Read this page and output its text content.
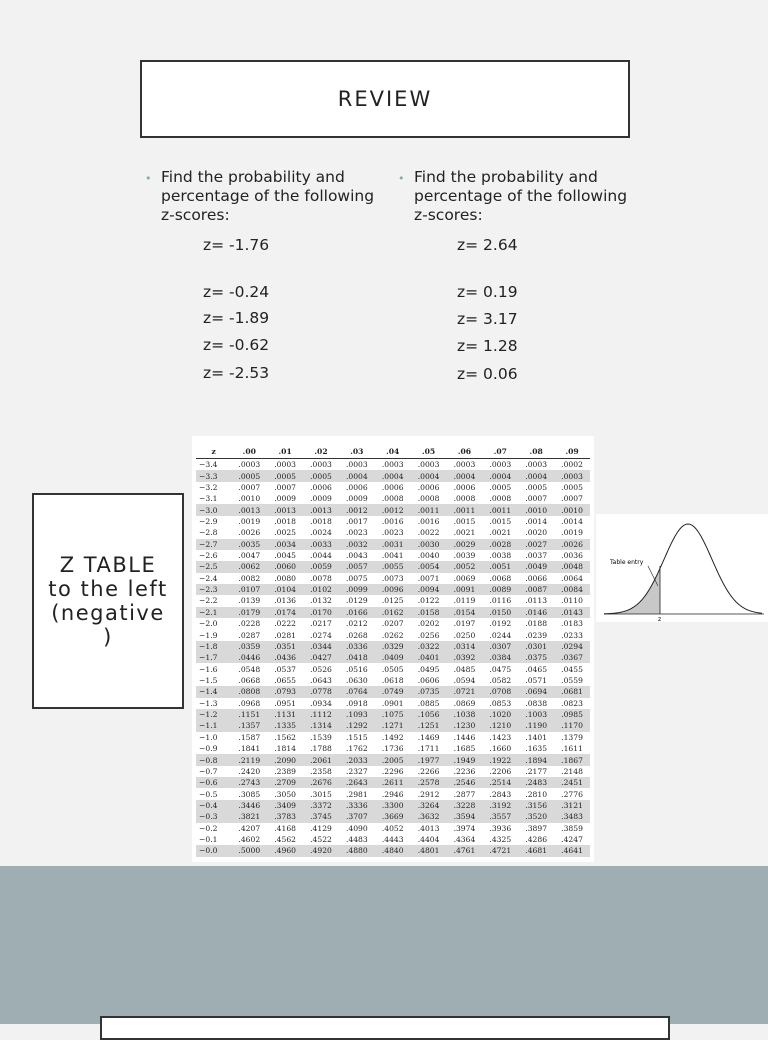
REVIEW
• Find the probability and percentage of the following z-scores:
• Find the probability and percentage of the following z-scores:
z= -1.76
z= -0.24
z= -1.89
z= -0.62
z= -2.53
z= 2.64
z= 0.19
z= 3.17
z= 1.28
z= 0.06
Z TABLE
to the left
(negative
)
z	.00	.01	.02	.03	.04	.05	.06	.07	.08	.09
−3.4	.0003	.0003	.0003	.0003	.0003	.0003	.0003	.0003	.0003	.0002
−3.3	.0005	.0005	.0005	.0004	.0004	.0004	.0004	.0004	.0004	.0003
−3.2	.0007	.0007	.0006	.0006	.0006	.0006	.0006	.0005	.0005	.0005
−3.1	.0010	.0009	.0009	.0009	.0008	.0008	.0008	.0008	.0007	.0007
−3.0	.0013	.0013	.0013	.0012	.0012	.0011	.0011	.0011	.0010	.0010
−2.9	.0019	.0018	.0018	.0017	.0016	.0016	.0015	.0015	.0014	.0014
−2.8	.0026	.0025	.0024	.0023	.0023	.0022	.0021	.0021	.0020	.0019
−2.7	.0035	.0034	.0033	.0032	.0031	.0030	.0029	.0028	.0027	.0026
−2.6	.0047	.0045	.0044	.0043	.0041	.0040	.0039	.0038	.0037	.0036
−2.5	.0062	.0060	.0059	.0057	.0055	.0054	.0052	.0051	.0049	.0048
−2.4	.0082	.0080	.0078	.0075	.0073	.0071	.0069	.0068	.0066	.0064
−2.3	.0107	.0104	.0102	.0099	.0096	.0094	.0091	.0089	.0087	.0084
−2.2	.0139	.0136	.0132	.0129	.0125	.0122	.0119	.0116	.0113	.0110
−2.1	.0179	.0174	.0170	.0166	.0162	.0158	.0154	.0150	.0146	.0143
−2.0	.0228	.0222	.0217	.0212	.0207	.0202	.0197	.0192	.0188	.0183
−1.9	.0287	.0281	.0274	.0268	.0262	.0256	.0250	.0244	.0239	.0233
−1.8	.0359	.0351	.0344	.0336	.0329	.0322	.0314	.0307	.0301	.0294
−1.7	.0446	.0436	.0427	.0418	.0409	.0401	.0392	.0384	.0375	.0367
−1.6	.0548	.0537	.0526	.0516	.0505	.0495	.0485	.0475	.0465	.0455
−1.5	.0668	.0655	.0643	.0630	.0618	.0606	.0594	.0582	.0571	.0559
−1.4	.0808	.0793	.0778	.0764	.0749	.0735	.0721	.0708	.0694	.0681
−1.3	.0968	.0951	.0934	.0918	.0901	.0885	.0869	.0853	.0838	.0823
−1.2	.1151	.1131	.1112	.1093	.1075	.1056	.1038	.1020	.1003	.0985
−1.1	.1357	.1335	.1314	.1292	.1271	.1251	.1230	.1210	.1190	.1170
−1.0	.1587	.1562	.1539	.1515	.1492	.1469	.1446	.1423	.1401	.1379
−0.9	.1841	.1814	.1788	.1762	.1736	.1711	.1685	.1660	.1635	.1611
−0.8	.2119	.2090	.2061	.2033	.2005	.1977	.1949	.1922	.1894	.1867
−0.7	.2420	.2389	.2358	.2327	.2296	.2266	.2236	.2206	.2177	.2148
−0.6	.2743	.2709	.2676	.2643	.2611	.2578	.2546	.2514	.2483	.2451
−0.5	.3085	.3050	.3015	.2981	.2946	.2912	.2877	.2843	.2810	.2776
−0.4	.3446	.3409	.3372	.3336	.3300	.3264	.3228	.3192	.3156	.3121
−0.3	.3821	.3783	.3745	.3707	.3669	.3632	.3594	.3557	.3520	.3483
−0.2	.4207	.4168	.4129	.4090	.4052	.4013	.3974	.3936	.3897	.3859
−0.1	.4602	.4562	.4522	.4483	.4443	.4404	.4364	.4325	.4286	.4247
−0.0	.5000	.4960	.4920	.4880	.4840	.4801	.4761	.4721	.4681	.4641
Table entry
z
